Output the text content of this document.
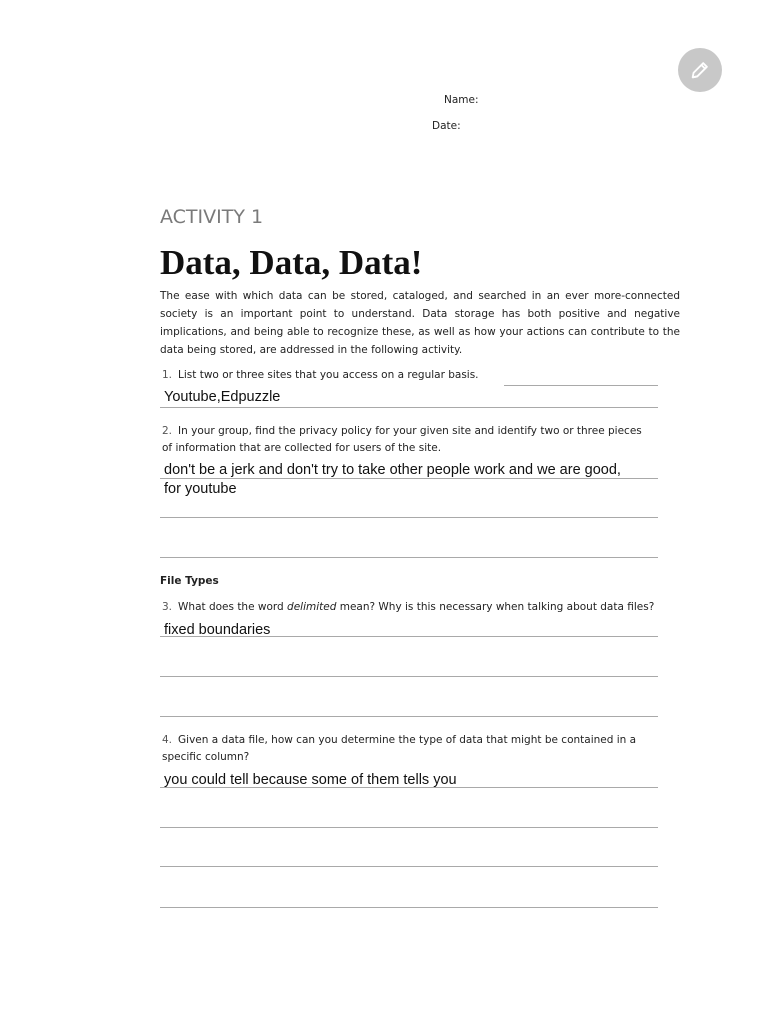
Name:
Date:
ACTIVITY 1
Data, Data, Data!
The ease with which data can be stored, cataloged, and searched in an ever more-connected society is an important point to understand. Data storage has both positive and negative implications, and being able to recognize these, as well as how your actions can contribute to the data being stored, are addressed in the following activity.
1. List two or three sites that you access on a regular basis.
Youtube,Edpuzzle
2. In your group, find the privacy policy for your given site and identify two or three pieces of information that are collected for users of the site.
don't be a jerk and don't try to take other people work and we are good,
for youtube
File Types
3. What does the word delimited mean? Why is this necessary when talking about data files?
fixed boundaries
4. Given a data file, how can you determine the type of data that might be contained in a specific column?
you could tell because some of them tells you
